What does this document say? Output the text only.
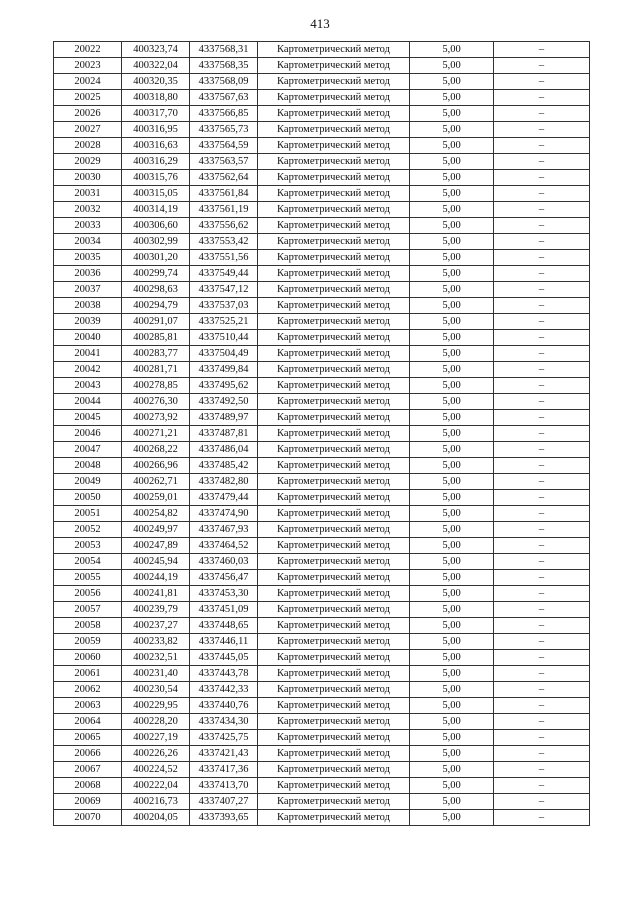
413
20022	400323,74	4337568,31	Картометрический метод	5,00	–
20023	400322,04	4337568,35	Картометрический метод	5,00	–
20024	400320,35	4337568,09	Картометрический метод	5,00	–
20025	400318,80	4337567,63	Картометрический метод	5,00	–
20026	400317,70	4337566,85	Картометрический метод	5,00	–
20027	400316,95	4337565,73	Картометрический метод	5,00	–
20028	400316,63	4337564,59	Картометрический метод	5,00	–
20029	400316,29	4337563,57	Картометрический метод	5,00	–
20030	400315,76	4337562,64	Картометрический метод	5,00	–
20031	400315,05	4337561,84	Картометрический метод	5,00	–
20032	400314,19	4337561,19	Картометрический метод	5,00	–
20033	400306,60	4337556,62	Картометрический метод	5,00	–
20034	400302,99	4337553,42	Картометрический метод	5,00	–
20035	400301,20	4337551,56	Картометрический метод	5,00	–
20036	400299,74	4337549,44	Картометрический метод	5,00	–
20037	400298,63	4337547,12	Картометрический метод	5,00	–
20038	400294,79	4337537,03	Картометрический метод	5,00	–
20039	400291,07	4337525,21	Картометрический метод	5,00	–
20040	400285,81	4337510,44	Картометрический метод	5,00	–
20041	400283,77	4337504,49	Картометрический метод	5,00	–
20042	400281,71	4337499,84	Картометрический метод	5,00	–
20043	400278,85	4337495,62	Картометрический метод	5,00	–
20044	400276,30	4337492,50	Картометрический метод	5,00	–
20045	400273,92	4337489,97	Картометрический метод	5,00	–
20046	400271,21	4337487,81	Картометрический метод	5,00	–
20047	400268,22	4337486,04	Картометрический метод	5,00	–
20048	400266,96	4337485,42	Картометрический метод	5,00	–
20049	400262,71	4337482,80	Картометрический метод	5,00	–
20050	400259,01	4337479,44	Картометрический метод	5,00	–
20051	400254,82	4337474,90	Картометрический метод	5,00	–
20052	400249,97	4337467,93	Картометрический метод	5,00	–
20053	400247,89	4337464,52	Картометрический метод	5,00	–
20054	400245,94	4337460,03	Картометрический метод	5,00	–
20055	400244,19	4337456,47	Картометрический метод	5,00	–
20056	400241,81	4337453,30	Картометрический метод	5,00	–
20057	400239,79	4337451,09	Картометрический метод	5,00	–
20058	400237,27	4337448,65	Картометрический метод	5,00	–
20059	400233,82	4337446,11	Картометрический метод	5,00	–
20060	400232,51	4337445,05	Картометрический метод	5,00	–
20061	400231,40	4337443,78	Картометрический метод	5,00	–
20062	400230,54	4337442,33	Картометрический метод	5,00	–
20063	400229,95	4337440,76	Картометрический метод	5,00	–
20064	400228,20	4337434,30	Картометрический метод	5,00	–
20065	400227,19	4337425,75	Картометрический метод	5,00	–
20066	400226,26	4337421,43	Картометрический метод	5,00	–
20067	400224,52	4337417,36	Картометрический метод	5,00	–
20068	400222,04	4337413,70	Картометрический метод	5,00	–
20069	400216,73	4337407,27	Картометрический метод	5,00	–
20070	400204,05	4337393,65	Картометрический метод	5,00	–
